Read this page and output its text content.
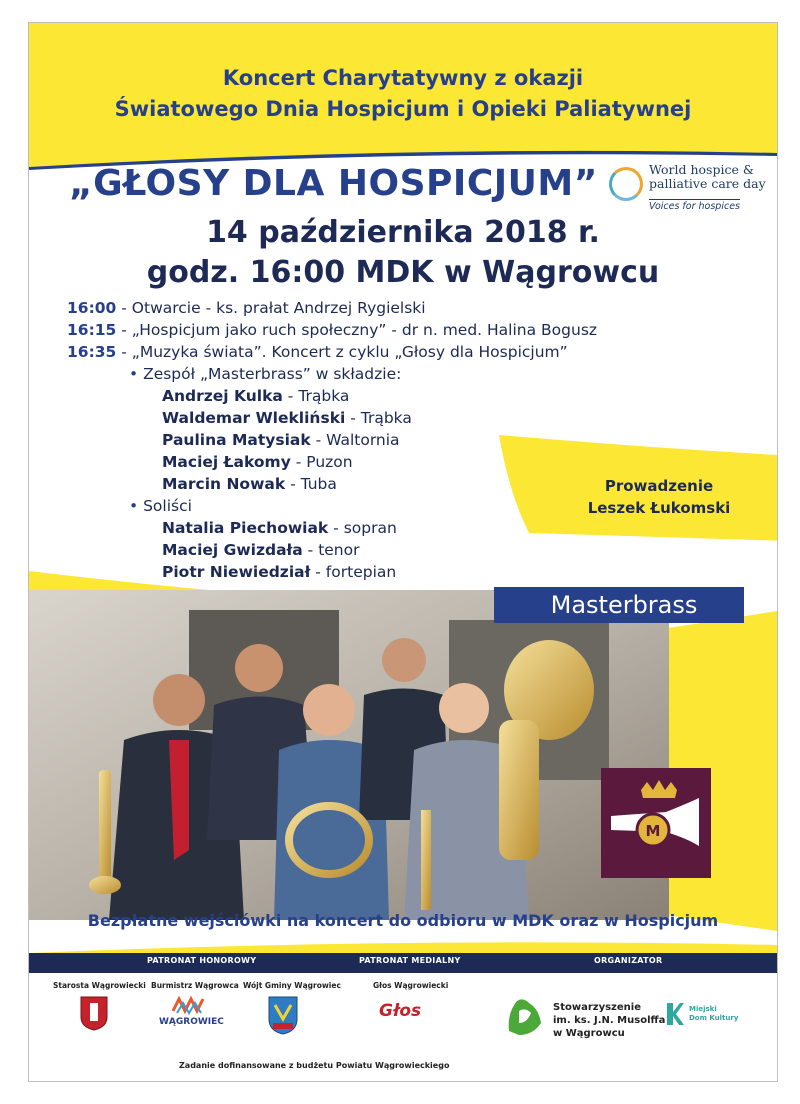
Koncert Charytatywny z okazji
Światowego Dnia Hospicjum i Opieki Paliatywnej
„GŁOSY DLA HOSPICJUM”	World hospice &
palliative care day
Voices for hospices
14 października 2018 r.
godz. 16:00 MDK w Wągrowcu
Prowadzenie
Leszek Łukomski
16:00 - Otwarcie - ks. prałat Andrzej Rygielski
16:15 - „Hospicjum jako ruch społeczny” - dr n. med. Halina Bogusz
16:35 - „Muzyka świata”. Koncert z cyklu „Głosy dla Hospicjum”
• Zespół „Masterbrass” w składzie:
Andrzej Kulka - Trąbka
Waldemar Wlekliński - Trąbka
Paulina Matysiak - Waltornia
Maciej Łakomy - Puzon
Marcin Nowak - Tuba
• Soliści
Natalia Piechowiak - sopran
Maciej Gwizdała - tenor
Piotr Niewiedział - fortepian
Masterbrass
M
Bezpłatne wejściówki na koncert do odbioru w MDK oraz w Hospicjum
PATRONAT HONOROWY	PATRONAT MEDIALNY	ORGANIZATOR
Starosta Wągrowiecki Burmistrz Wągrowca
WĄGROWIEC
Wójt Gminy Wągrowiec	Głos Wągrowiecki
Głos	Stowarzyszenie
im. ks. J.N. Musolffa
w Wągrowcu
Miejski
Dom Kultury
Zadanie dofinansowane z budżetu Powiatu Wągrowieckiego
